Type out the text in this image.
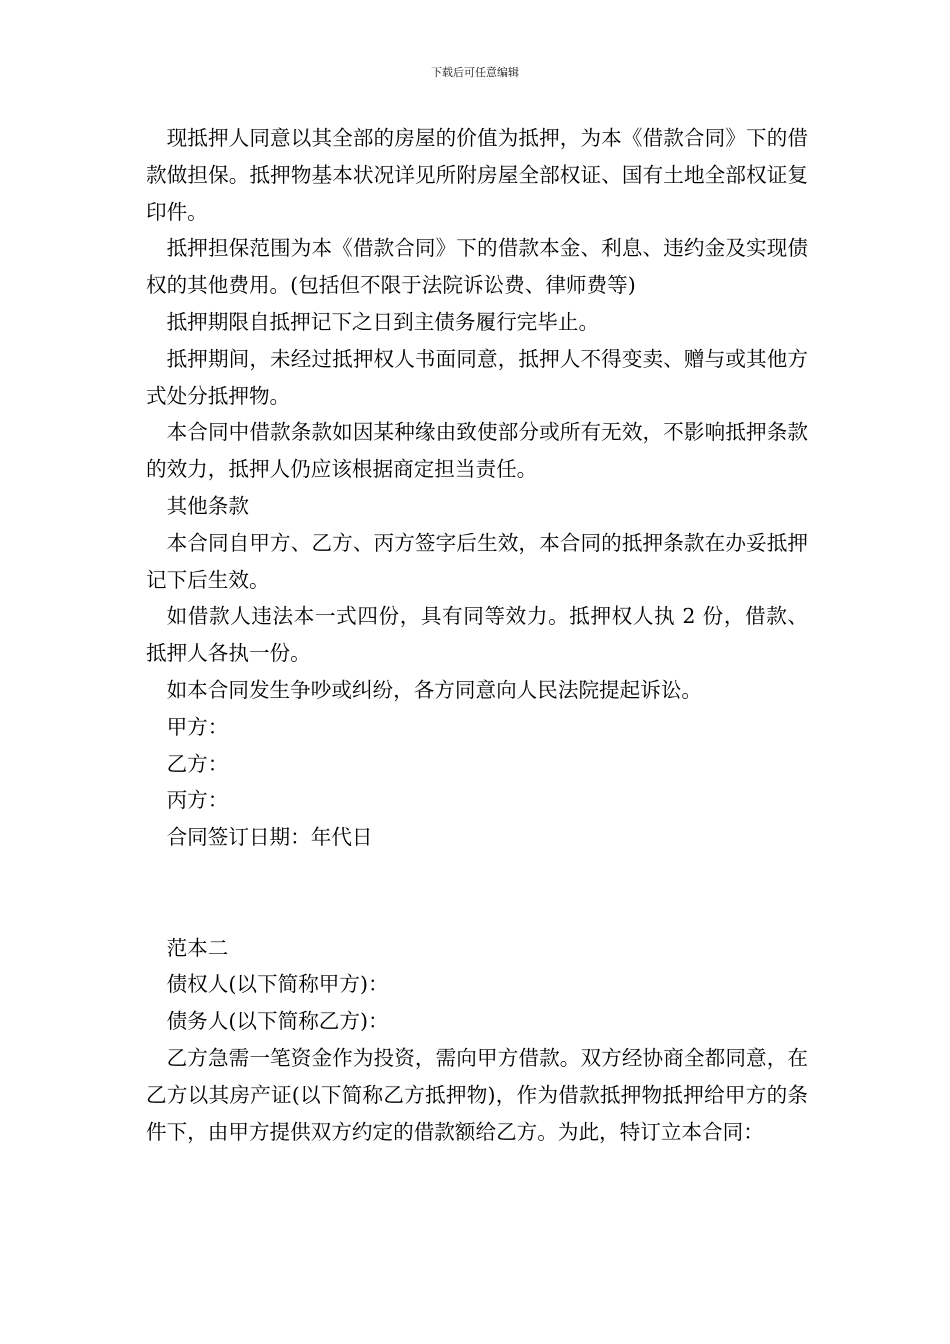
下载后可任意编辑

现抵押人同意以其全部的房屋的价值为抵押，为本《借款合同》下的借款做担保。抵押物基本状况详见所附房屋全部权证、国有土地全部权证复印件。

抵押担保范围为本《借款合同》下的借款本金、利息、违约金及实现债权的其他费用。(包括但不限于法院诉讼费、律师费等)

抵押期限自抵押记下之日到主债务履行完毕止。

抵押期间，未经过抵押权人书面同意，抵押人不得变卖、赠与或其他方式处分抵押物。

本合同中借款条款如因某种缘由致使部分或所有无效，不影响抵押条款的效力，抵押人仍应该根据商定担当责任。

其他条款

本合同自甲方、乙方、丙方签字后生效，本合同的抵押条款在办妥抵押记下后生效。

如借款人违法本一式四份，具有同等效力。抵押权人执 2 份，借款、抵押人各执一份。

如本合同发生争吵或纠纷，各方同意向人民法院提起诉讼。

甲方：

乙方：

丙方：

合同签订日期：年代日

范本二

债权人(以下简称甲方)：

债务人(以下简称乙方)：

乙方急需一笔资金作为投资，需向甲方借款。双方经协商全都同意，在乙方以其房产证(以下简称乙方抵押物)，作为借款抵押物抵押给甲方的条件下，由甲方提供双方约定的借款额给乙方。为此，特订立本合同：
